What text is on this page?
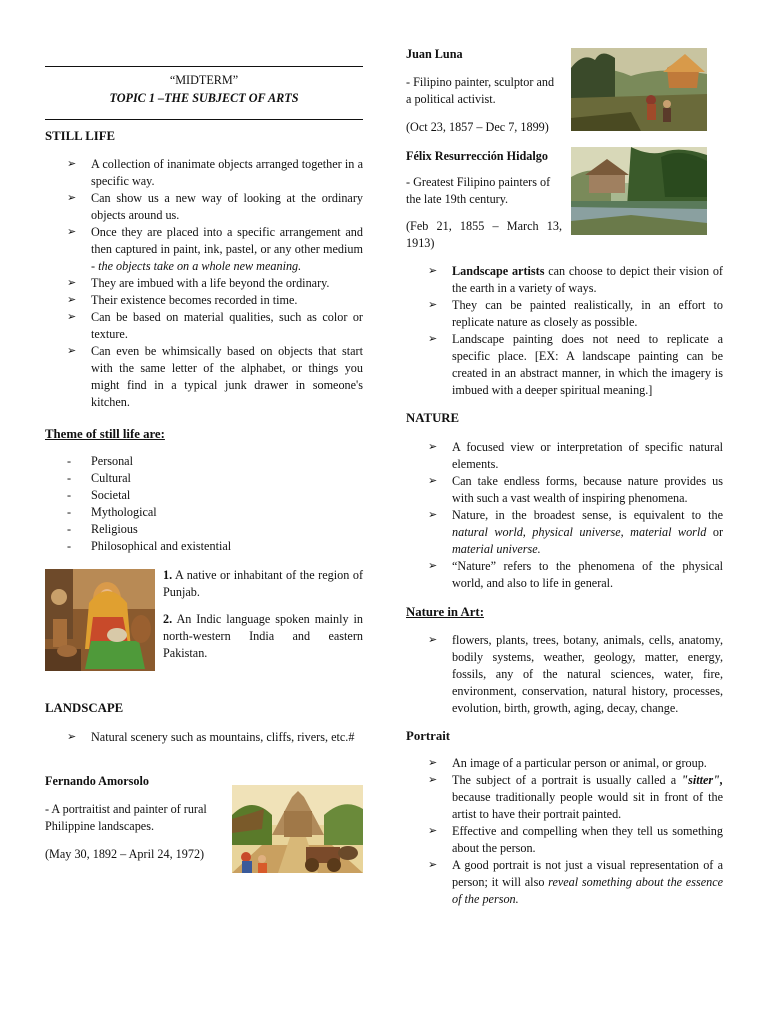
“MIDTERM”
TOPIC 1 –THE SUBJECT OF ARTS
STILL LIFE
➢ A collection of inanimate objects arranged together in a specific way.
➢ Can show us a new way of looking at the ordinary objects around us.
➢ Once they are placed into a specific arrangement and then captured in paint, ink, pastel, or any other medium - the objects take on a whole new meaning.
➢ They are imbued with a life beyond the ordinary.
➢ Their existence becomes recorded in time.
➢ Can be based on material qualities, such as color or texture.
➢ Can even be whimsically based on objects that start with the same letter of the alphabet, or things you might find in a typical junk drawer in someone's kitchen.
Theme of still life are:
- Personal
- Cultural
- Societal
- Mythological
- Religious
- Philosophical and existential

1. A native or inhabitant of the region of Punjab.

2. An Indic language spoken mainly in north-western India and eastern Pakistan.

LANDSCAPE
➢ Natural scenery such as mountains, cliffs, rivers, etc.#
Fernando Amorsolo

- A portraitist and painter of rural Philippine landscapes.

(May 30, 1892 – April 24, 1972)
Juan Luna

- Filipino painter, sculptor and a political activist.

(Oct 23, 1857 – Dec 7, 1899)
Félix Resurrección Hidalgo

- Greatest Filipino painters of the late 19th century.

(Feb 21, 1855 – March 13, 1913)

➢ Landscape artists can choose to depict their vision of the earth in a variety of ways.
➢ They can be painted realistically, in an effort to replicate nature as closely as possible.
➢ Landscape painting does not need to replicate a specific place. [EX: A landscape painting can be created in an abstract manner, in which the imagery is imbued with a deeper spiritual meaning.]
NATURE
➢ A focused view or interpretation of specific natural elements.
➢ Can take endless forms, because nature provides us with such a vast wealth of inspiring phenomena.
➢ Nature, in the broadest sense, is equivalent to the natural world, physical universe, material world or material universe.
➢ “Nature” refers to the phenomena of the physical world, and also to life in general.
Nature in Art:
➢ flowers, plants, trees, botany, animals, cells, anatomy, bodily systems, weather, geology, matter, energy, fossils, any of the natural sciences, water, fire, environment, conservation, natural history, processes, evolution, birth, growth, aging, decay, change.
Portrait
➢ An image of a particular person or animal, or group.
➢ The subject of a portrait is usually called a "sitter", because traditionally people would sit in front of the artist to have their portrait painted.
➢ Effective and compelling when they tell us something about the person.
➢ A good portrait is not just a visual representation of a person; it will also reveal something about the essence of the person.
